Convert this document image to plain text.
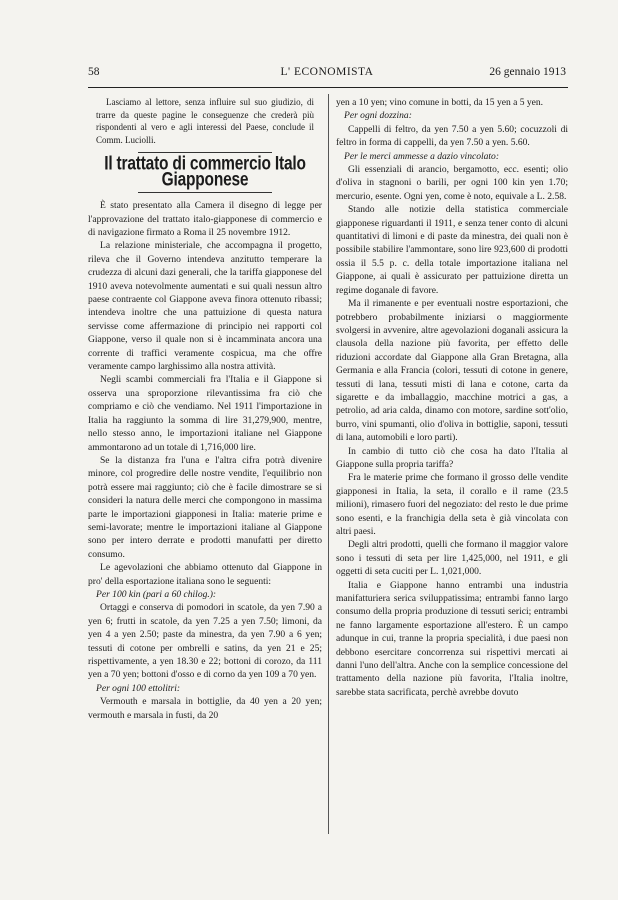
58	L' ECONOMISTA	26 gennaio 1913

Lasciamo al lettore, senza influire sul suo giudizio, di trarre da queste pagine le conseguenze che crederà più rispondenti al vero e agli interessi del Paese, conclude il Comm. Luciolli.

Il trattato di commercio Italo Giapponese

È stato presentato alla Camera il disegno di legge per l'approvazione del trattato italo-giapponese di commercio e di navigazione firmato a Roma il 25 novembre 1912.

La relazione ministeriale, che accompagna il progetto, rileva che il Governo intendeva anzitutto temperare la crudezza di alcuni dazi generali, che la tariffa giapponese del 1910 aveva notevolmente aumentati e sui quali nessun altro paese contraente col Giappone aveva finora ottenuto ribassi; intendeva inoltre che una pattuizione di questa natura servisse come affermazione di principio nei rapporti col Giappone, verso il quale non si è incamminata ancora una corrente di traffici veramente cospicua, ma che offre veramente campo larghissimo alla nostra attività.

Negli scambi commerciali fra l'Italia e il Giappone si osserva una sproporzione rilevantissima fra ciò che compriamo e ciò che vendiamo. Nel 1911 l'importazione in Italia ha raggiunto la somma di lire 31,279,900, mentre, nello stesso anno, le importazioni italiane nel Giappone ammontarono ad un totale di 1,716,000 lire.

Se la distanza fra l'una e l'altra cifra potrà divenire minore, col progredire delle nostre vendite, l'equilibrio non potrà essere mai raggiunto; ciò che è facile dimostrare se si consideri la natura delle merci che compongono in massima parte le importazioni giapponesi in Italia: materie prime e semi-lavorate; mentre le importazioni italiane al Giappone sono per intero derrate e prodotti manufatti per diretto consumo.

Le agevolazioni che abbiamo ottenuto dal Giappone in pro' della esportazione italiana sono le seguenti:

Per 100 kin (pari a 60 chilog.):

Ortaggi e conserva di pomodori in scatole, da yen 7.90 a yen 6; frutti in scatole, da yen 7.25 a yen 7.50; limoni, da yen 4 a yen 2.50; paste da minestra, da yen 7.90 a 6 yen; tessuti di cotone per ombrelli e satins, da yen 21 e 25; rispettivamente, a yen 18.30 e 22; bottoni di corozo, da 111 yen a 70 yen; bottoni d'osso e di corno da yen 109 a 70 yen.

Per ogni 100 ettolitri:

Vermouth e marsala in bottiglie, da 40 yen a 20 yen; vermouth e marsala in fusti, da 20

yen a 10 yen; vino comune in botti, da 15 yen a 5 yen.

Per ogni dozzina:

Cappelli di feltro, da yen 7.50 a yen 5.60; cocuzzoli di feltro in forma di cappelli, da yen 7.50 a yen. 5.60.

Per le merci ammesse a dazio vincolato:

Gli essenziali di arancio, bergamotto, ecc. esenti; olio d'oliva in stagnoni o barili, per ogni 100 kin yen 1.70; mercurio, esente. Ogni yen, come è noto, equivale a L. 2.58.

Stando alle notizie della statistica commerciale giapponese riguardanti il 1911, e senza tener conto di alcuni quantitativi di limoni e di paste da minestra, dei quali non è possibile stabilire l'ammontare, sono lire 923,600 di prodotti ossia il 5.5 p. c. della totale importazione italiana nel Giappone, ai quali è assicurato per pattuizione diretta un regime doganale di favore.

Ma il rimanente e per eventuali nostre esportazioni, che potrebbero probabilmente iniziarsi o maggiormente svolgersi in avvenire, altre agevolazioni doganali assicura la clausola della nazione più favorita, per effetto delle riduzioni accordate dal Giappone alla Gran Bretagna, alla Germania e alla Francia (colori, tessuti di cotone in genere, tessuti di lana, tessuti misti di lana e cotone, carta da sigarette e da imballaggio, macchine motrici a gas, a petrolio, ad aria calda, dinamo con motore, sardine sott'olio, burro, vini spumanti, olio d'oliva in bottiglie, saponi, tessuti di lana, automobili e loro parti).

In cambio di tutto ciò che cosa ha dato l'Italia al Giappone sulla propria tariffa?

Fra le materie prime che formano il grosso delle vendite giapponesi in Italia, la seta, il corallo e il rame (23.5 milioni), rimasero fuori del negoziato: del resto le due prime sono esenti, e la franchigia della seta è già vincolata con altri paesi.

Degli altri prodotti, quelli che formano il maggior valore sono i tessuti di seta per lire 1,425,000, nel 1911, e gli oggetti di seta cuciti per L. 1,021,000.

Italia e Giappone hanno entrambi una industria manifatturiera serica sviluppatissima; entrambi fanno largo consumo della propria produzione di tessuti serici; entrambi ne fanno largamente esportazione all'estero. È un campo adunque in cui, tranne la propria specialità, i due paesi non debbono esercitare concorrenza sui rispettivi mercati ai danni l'uno dell'altra. Anche con la semplice concessione del trattamento della nazione più favorita, l'Italia inoltre, sarebbe stata sacrificata, perchè avrebbe dovuto
